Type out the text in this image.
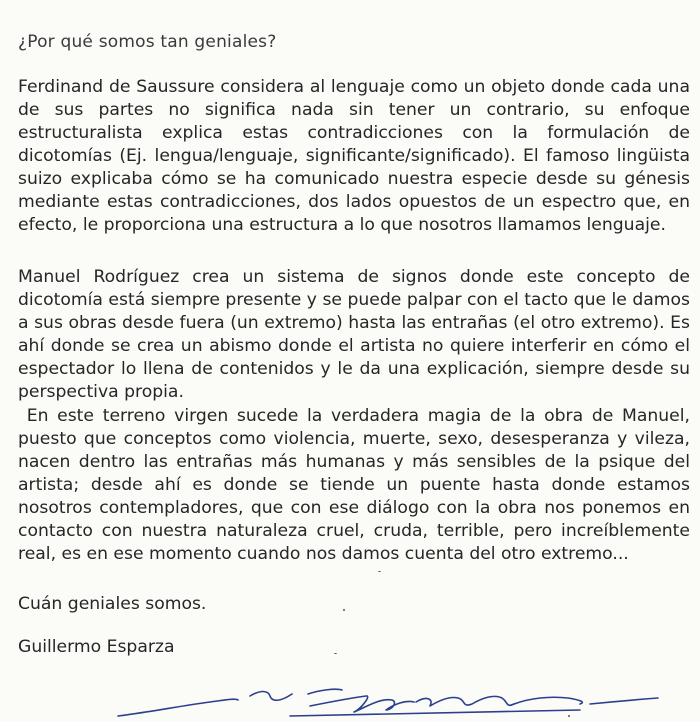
¿Por qué somos tan geniales?
Ferdinand de Saussure considera al lenguaje como un objeto donde cada una de sus partes no significa nada sin tener un contrario, su enfoque estructuralista explica estas contradicciones con la formulación de dicotomías (Ej. lengua/lenguaje, significante/significado). El famoso lingüista suizo explicaba cómo se ha comunicado nuestra especie desde su génesis mediante estas contradicciones, dos lados opuestos de un espectro que, en efecto, le proporciona una estructura a lo que nosotros llamamos lenguaje.
Manuel Rodríguez crea un sistema de signos donde este concepto de dicotomía está siempre presente y se puede palpar con el tacto que le damos a sus obras desde fuera (un extremo) hasta las entrañas (el otro extremo). Es ahí donde se crea un abismo donde el artista no quiere interferir en cómo el espectador lo llena de contenidos y le da una explicación, siempre desde su perspectiva propia.
En este terreno virgen sucede la verdadera magia de la obra de Manuel, puesto que conceptos como violencia, muerte, sexo, desesperanza y vileza, nacen dentro las entrañas más humanas y más sensibles de la psique del artista; desde ahí es donde se tiende un puente hasta donde estamos nosotros contempladores, que con ese diálogo con la obra nos ponemos en contacto con nuestra naturaleza cruel, cruda, terrible, pero increíblemente real, es en ese momento cuando nos damos cuenta del otro extremo...
Cuán geniales somos.
Guillermo Esparza
